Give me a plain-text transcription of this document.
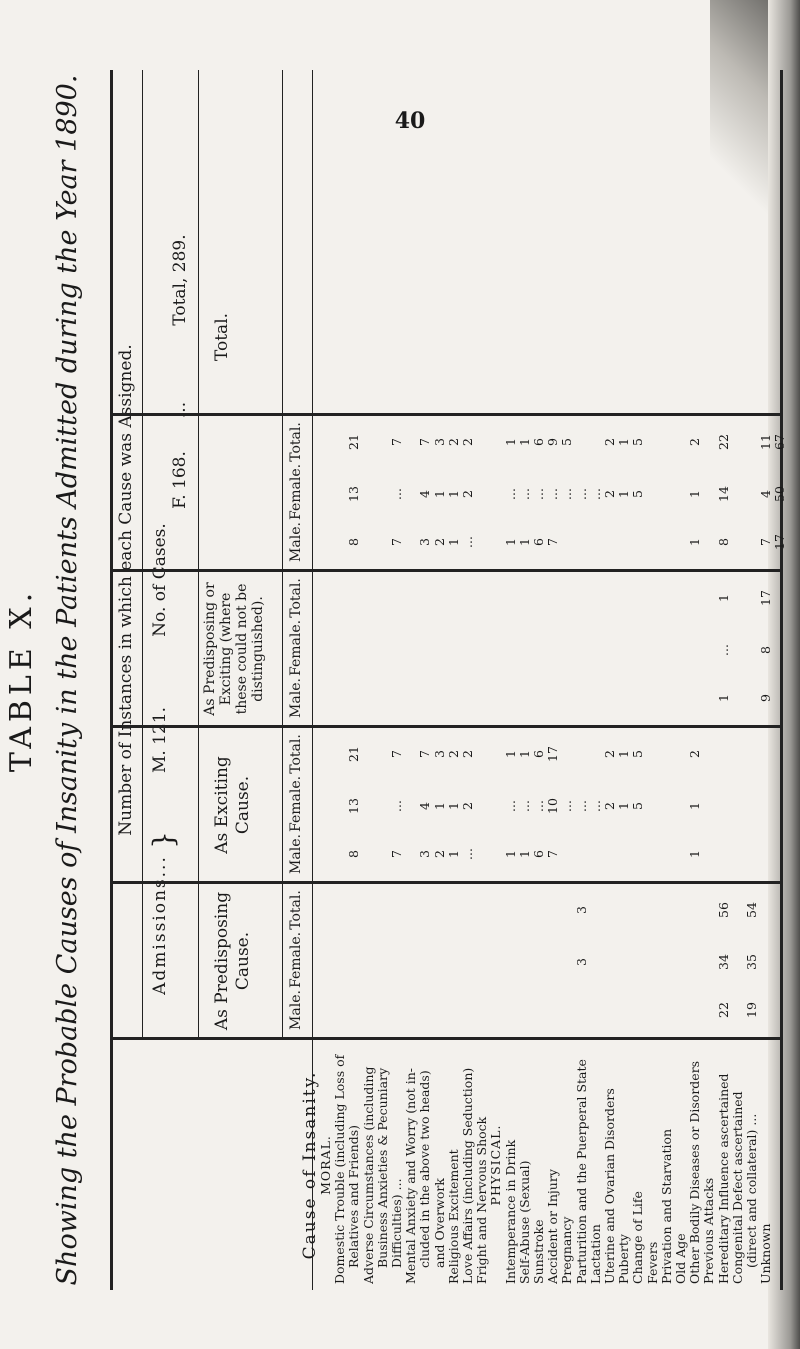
40
TABLE X. Showing the Probable Causes of Insanity in the Patients Admitted during the Year 1890. Number of Instances in which each Cause was Assigned.
Admissions...
}
M. 121.
No. of Cases.
F. 168.
...
Total, 289.
Cause of Insanity.
As Predisposing Cause.
As Exciting Cause.
As Predisposing or Exciting (where these could not be distinguished).
Total.
Male.
Female.
Total.
Male.
Female.
Total.
Male.
Female.
Total.
Male.
Female.
Total.
MORAL. Domestic Trouble (including Loss of Relatives and Friends)
8
13
21
8
13
21
Adverse Circumstances (including Business Anxieties & Pecuniary Difficulties) ...
7
...
7
7
...
7
Mental Anxiety and Worry (not in- cluded in the above two heads)
3
4
7
3
4
7
and Overwork
2
1
3
2
1
3
Religious Excitement
1
1
2
1
1
2
Love Affairs (including Seduction)
...
2
2
...
2
2
Fright and Nervous Shock PHYSICAL. Intemperance in Drink
1
...
1
1
...
1
Self-Abuse (Sexual)
1
...
1
1
...
1
Sunstroke
6
...
6
6
...
6
Accident or Injury
7
10
17
7
...
9
Pregnancy
...
...
5
Parturition and the Puerperal State
3
3
...
...
Lactation
...
...
Uterine and Ovarian Disorders
2
2
2
2
Puberty
1
1
1
1
Change of Life
5
5
5
5
Fevers Privation and Starvation Old Age Other Bodily Diseases or Disorders
1
1
2
1
1
2
Previous Attacks Hereditary Influence ascertained
22
34
56
1
...
1
8
14
22
Congenital Defect ascertained (direct and collateral) ...
19
35
54
Unknown
9
8
17
7
4
11
17
50
67
